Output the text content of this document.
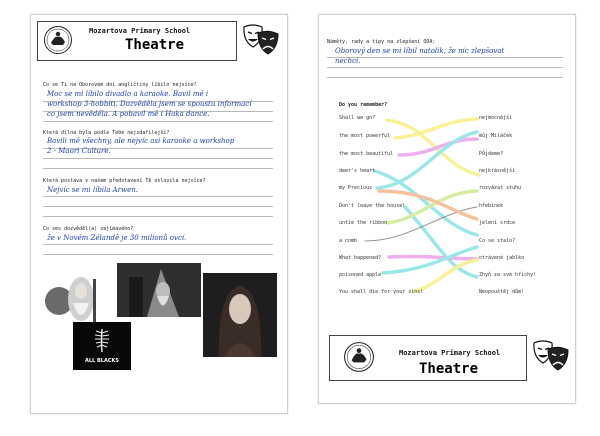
Mozartova Primary School
Theatre
Co se Ti na Oborovém dni angličtiny líbilo nejvíce?
Moc se mi líbilo divadlo a karaoke. Bavil mě i
workshop 3-hobbiti. Dozvěděla jsem se spoustu informací
co jsem nevěděla. A pobavil mě i Haka dance.
Která dílna byla podle Tebe nejzdařilejší?
Bavili mě všechny, ale nejvíc asi karaoke a workshop
2 - Maori Culture.
Která postava v našem představení Tě oslovila nejvíce?
Nejvíc se mi líbila Arwen.
Co ses dozvěděl(a) zajímavého?
že v Novém Zélandě je 30 milionů ovcí.
ALL BLACKS
Náměty, rady a tipy na zlepšení OOA:
Oborový den se mi líbil natolik, že nic zlepšovat
nechci.
Do you remember?
Shall we go?
the most powerful
the most beautiful
deer's heart
my Precious
Don't leave the house!
untie the ribbon
a comb
What happened?
poisoned apple
You shall die for your sins!
nejmocnější
můj Miláček
Půjdeme?
nejkrásnější
rozvázat stuhu
hřebínek
jelení srdce
Co se stalo?
otrávené jablko
Zhyň za své hříchy!
Neopouštěj dům!
Mozartova Primary School
Theatre
